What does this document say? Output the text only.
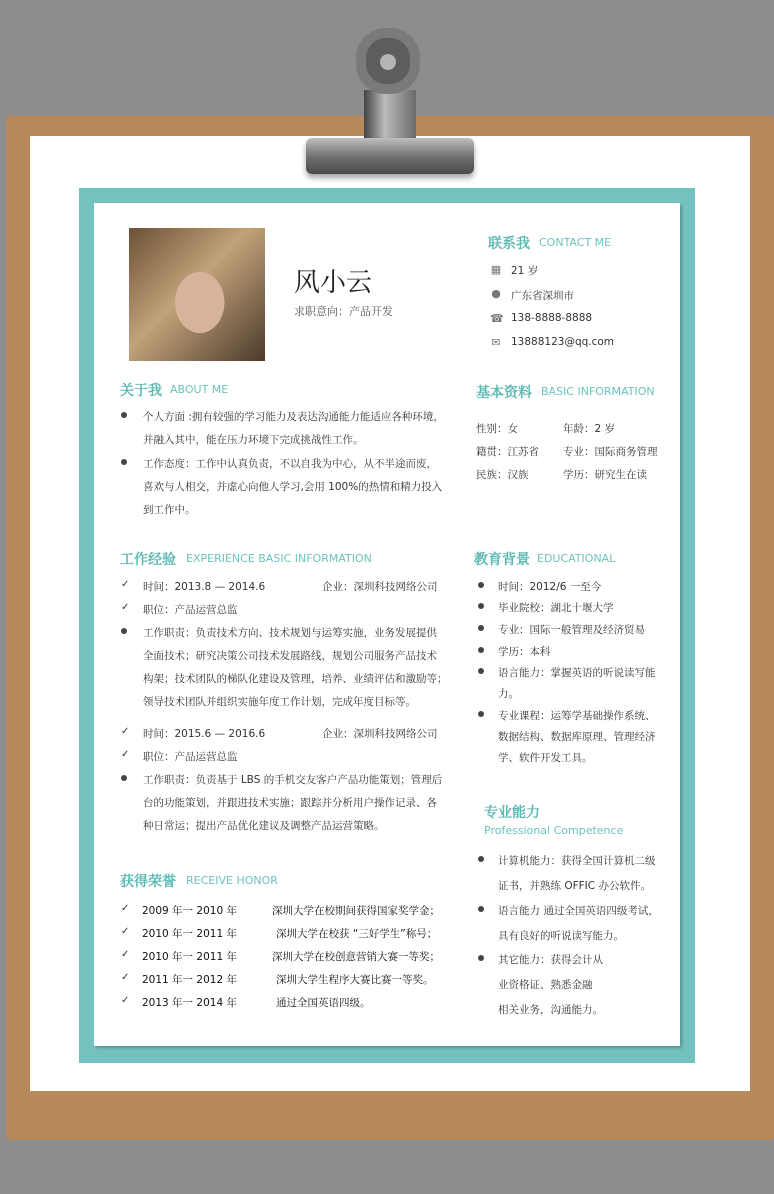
风小云
求职意向：产品开发
联系我 CONTACT ME
▦ 21 岁
● 广东省深圳市
☎ 138-8888-8888
✉ 13888123@qq.com
关于我 ABOUT ME
个人方面 :拥有较强的学习能力及表达沟通能力能适应各种环境，
并融入其中，能在压力环境下完成挑战性工作。
工作态度：工作中认真负责，不以自我为中心，从不半途而废，
喜欢与人相交，并虚心向他人学习,会用 100%的热情和精力投入
到工作中。
基本资料 BASIC INFORMATION
性别：女	年龄：2 岁
籍贯：江苏省 专业：国际商务管理
民族：汉族	学历：研究生在读
工作经验 EXPERIENCE BASIC INFORMATION
✓ 时间：2013.8 — 2014.6	企业：深圳科技网络公司
✓ 职位：产品运营总监
工作职责：负责技术方向、技术规划与运筹实施，业务发展提供
全面技术；研究决策公司技术发展路线，规划公司服务产品技术
构架；技术团队的梯队化建设及管理，培养、业绩评估和激励等；
领导技术团队并组织实施年度工作计划，完成年度目标等。
✓ 时间：2015.6 — 2016.6	企业：深圳科技网络公司
✓ 职位：产品运营总监
工作职责：负责基于 LBS 的手机交友客户产品功能策划；管理后
台的功能策划，并跟进技术实施；跟踪并分析用户操作记录、各
种日常运；提出产品优化建议及调整产品运营策略。
教育背景 EDUCATIONAL
时间：2012/6 一至今
毕业院校：湖北十堰大学
专业：国际一般管理及经济贸易
学历：本科
语言能力：掌握英语的听说读写能
力。
专业课程：运筹学基础操作系统、
数据结构、数据库原理、管理经济
学、软件开发工具。
专业能力
Professional Competence
计算机能力：获得全国计算机二级
证书，并熟练 OFFIC 办公软件。
语言能力 通过全国英语四级考试，
具有良好的听说读写能力。
其它能力：获得会计从
业资格证、熟悉金融
相关业务，沟通能力。
获得荣誉 RECEIVE HONOR
✓ 2009 年一 2010 年	深圳大学在校期间获得国家奖学金；
✓ 2010 年一 2011 年	深圳大学在校获 “三好学生”称号；
✓ 2010 年一 2011 年	深圳大学在校创意营销大赛一等奖；
✓ 2011 年一 2012 年	深圳大学生程序大赛比赛一等奖。
✓ 2013 年一 2014 年	通过全国英语四级。
